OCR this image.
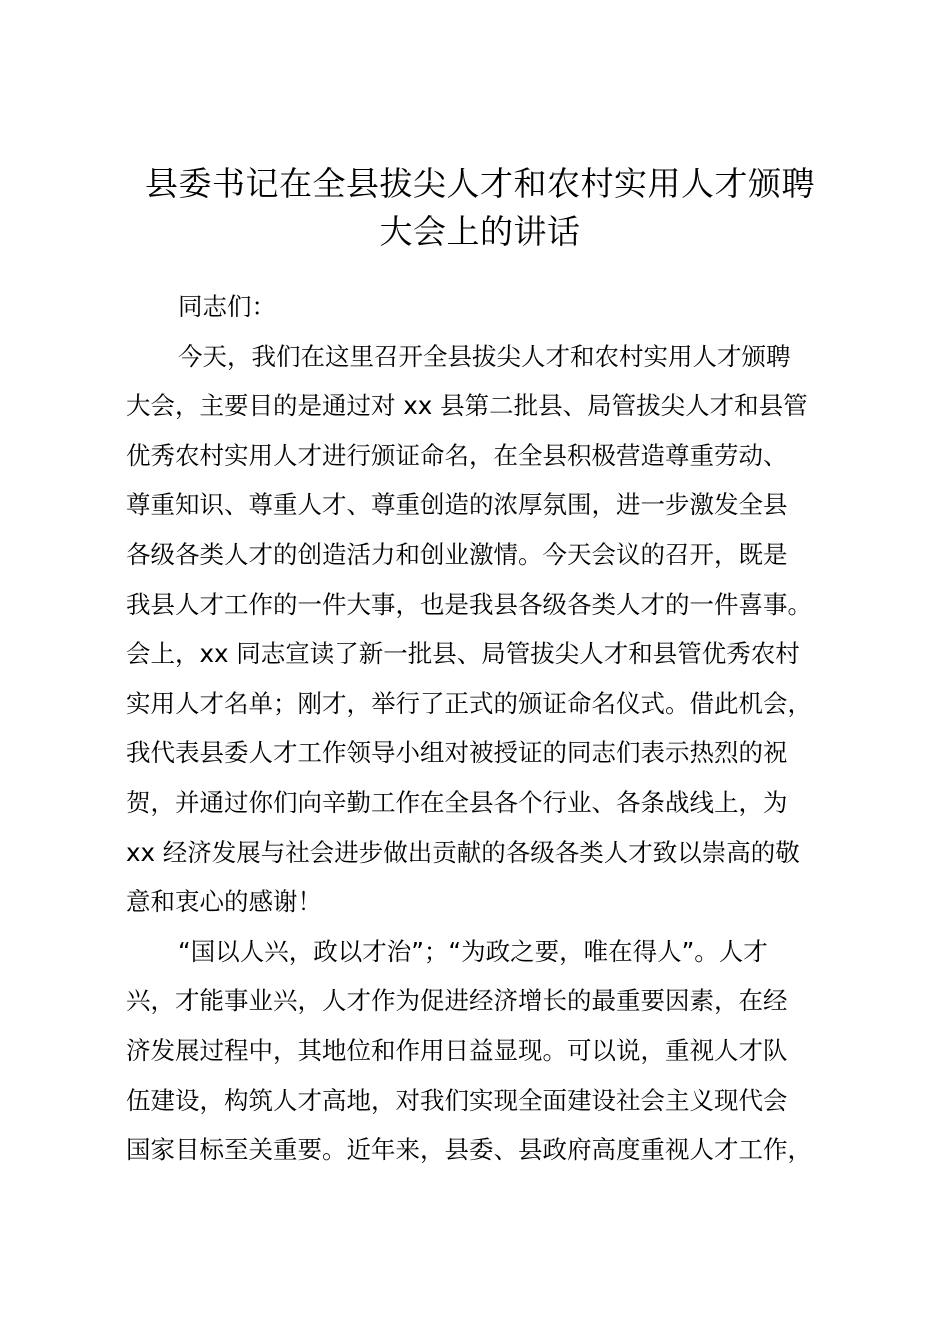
县委书记在全县拔尖人才和农村实用人才颁聘
大会上的讲话
同志们：
今天，我们在这里召开全县拔尖人才和农村实用人才颁聘
大会，主要目的是通过对 xx 县第二批县、局管拔尖人才和县管
优秀农村实用人才进行颁证命名，在全县积极营造尊重劳动、
尊重知识、尊重人才、尊重创造的浓厚氛围，进一步激发全县
各级各类人才的创造活力和创业激情。今天会议的召开，既是
我县人才工作的一件大事，也是我县各级各类人才的一件喜事。
会上，xx 同志宣读了新一批县、局管拔尖人才和县管优秀农村
实用人才名单；刚才，举行了正式的颁证命名仪式。借此机会，
我代表县委人才工作领导小组对被授证的同志们表示热烈的祝
贺，并通过你们向辛勤工作在全县各个行业、各条战线上，为
xx 经济发展与社会进步做出贡献的各级各类人才致以崇高的敬
意和衷心的感谢！
“国以人兴，政以才治”；“为政之要，唯在得人”。人才
兴，才能事业兴，人才作为促进经济增长的最重要因素，在经
济发展过程中，其地位和作用日益显现。可以说，重视人才队
伍建设，构筑人才高地，对我们实现全面建设社会主义现代会
国家目标至关重要。近年来，县委、县政府高度重视人才工作，
